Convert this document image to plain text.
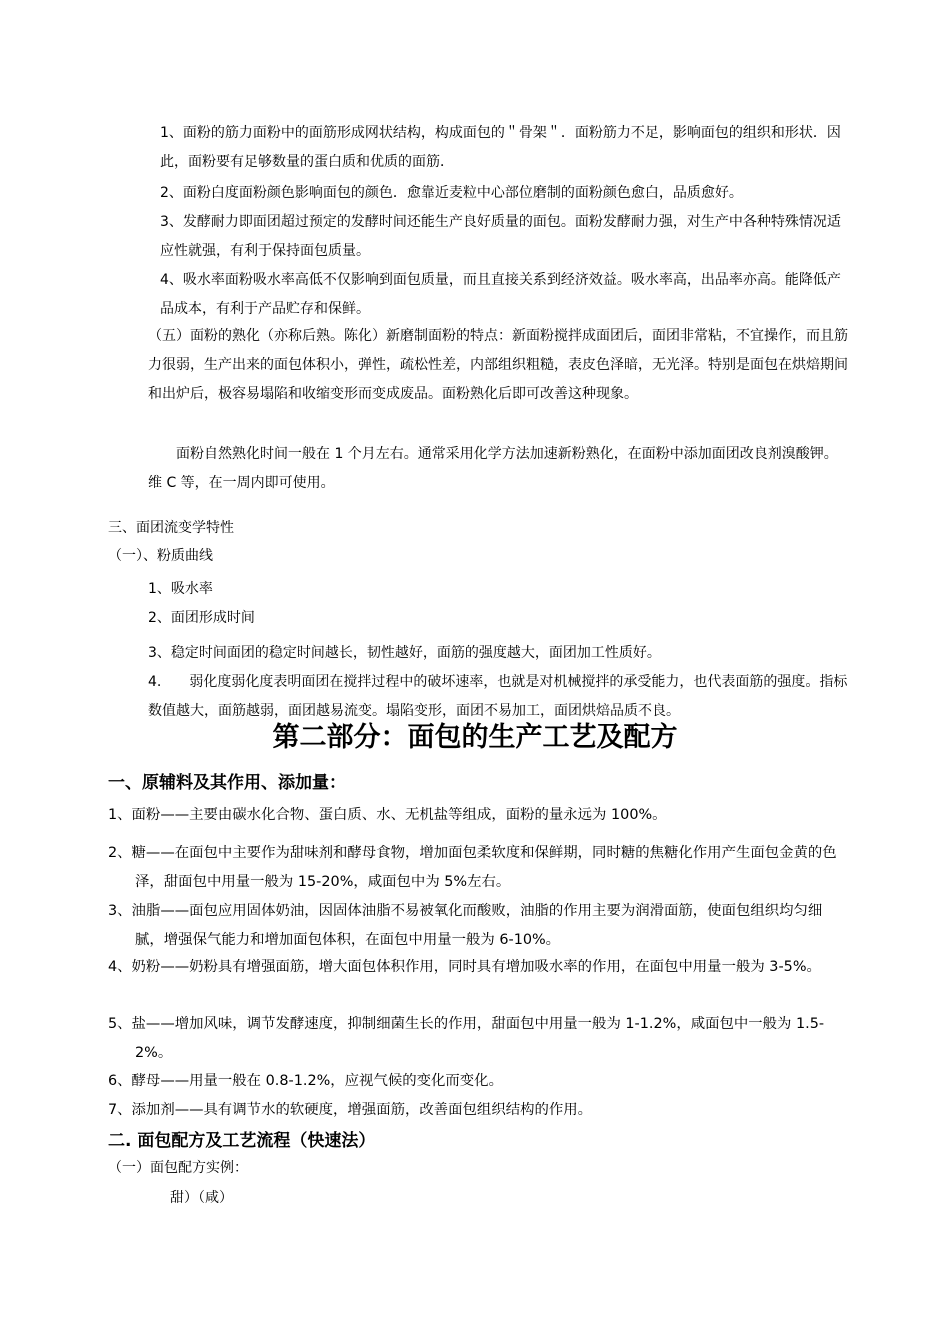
1、面粉的筋力面粉中的面筋形成网状结构，构成面包的＂骨架＂．面粉筋力不足，影响面包的组织和形状．因此，面粉要有足够数量的蛋白质和优质的面筋．
2、面粉白度面粉颜色影响面包的颜色．愈靠近麦粒中心部位磨制的面粉颜色愈白，品质愈好。
3、发酵耐力即面团超过预定的发酵时间还能生产良好质量的面包。面粉发酵耐力强，对生产中各种特殊情况适应性就强，有利于保持面包质量。
4、吸水率面粉吸水率高低不仅影响到面包质量，而且直接关系到经济效益。吸水率高，出品率亦高。能降低产品成本，有利于产品贮存和保鲜。
（五）面粉的熟化（亦称后熟。陈化）新磨制面粉的特点：新面粉搅拌成面团后，面团非常粘，不宜操作，而且筋力很弱，生产出来的面包体积小，弹性，疏松性差，内部组织粗糙，表皮色泽暗，无光泽。特别是面包在烘焙期间和出炉后，极容易塌陷和收缩变形而变成废品。面粉熟化后即可改善这种现象。
面粉自然熟化时间一般在 1 个月左右。通常采用化学方法加速新粉熟化，在面粉中添加面团改良剂溴酸钾。维 C 等，在一周内即可使用。
三、面团流变学特性
（一）、粉质曲线
1、吸水率
2、面团形成时间
3、稳定时间面团的稳定时间越长，韧性越好，面筋的强度越大，面团加工性质好。
4.　　弱化度弱化度表明面团在搅拌过程中的破坏速率，也就是对机械搅拌的承受能力，也代表面筋的强度。指标数值越大，面筋越弱，面团越易流变。塌陷变形，面团不易加工，面团烘焙品质不良。
第二部分：面包的生产工艺及配方
一、原辅料及其作用、添加量：
1、面粉——主要由碳水化合物、蛋白质、水、无机盐等组成，面粉的量永远为 100%。
2、糖——在面包中主要作为甜味剂和酵母食物，增加面包柔软度和保鲜期，同时糖的焦糖化作用产生面包金黄的色泽，甜面包中用量一般为 15-20%，咸面包中为 5%左右。
3、油脂——面包应用固体奶油，因固体油脂不易被氧化而酸败，油脂的作用主要为润滑面筋，使面包组织均匀细腻，增强保气能力和增加面包体积，在面包中用量一般为 6-10%。
4、奶粉——奶粉具有增强面筋，增大面包体积作用，同时具有增加吸水率的作用，在面包中用量一般为 3-5%。
5、盐——增加风味，调节发酵速度，抑制细菌生长的作用，甜面包中用量一般为 1-1.2%，咸面包中一般为 1.5-2%。
6、酵母——用量一般在 0.8-1.2%，应视气候的变化而变化。
7、添加剂——具有调节水的软硬度，增强面筋，改善面包组织结构的作用。
二. 面包配方及工艺流程（快速法）
（一）面包配方实例：
甜）（咸）
